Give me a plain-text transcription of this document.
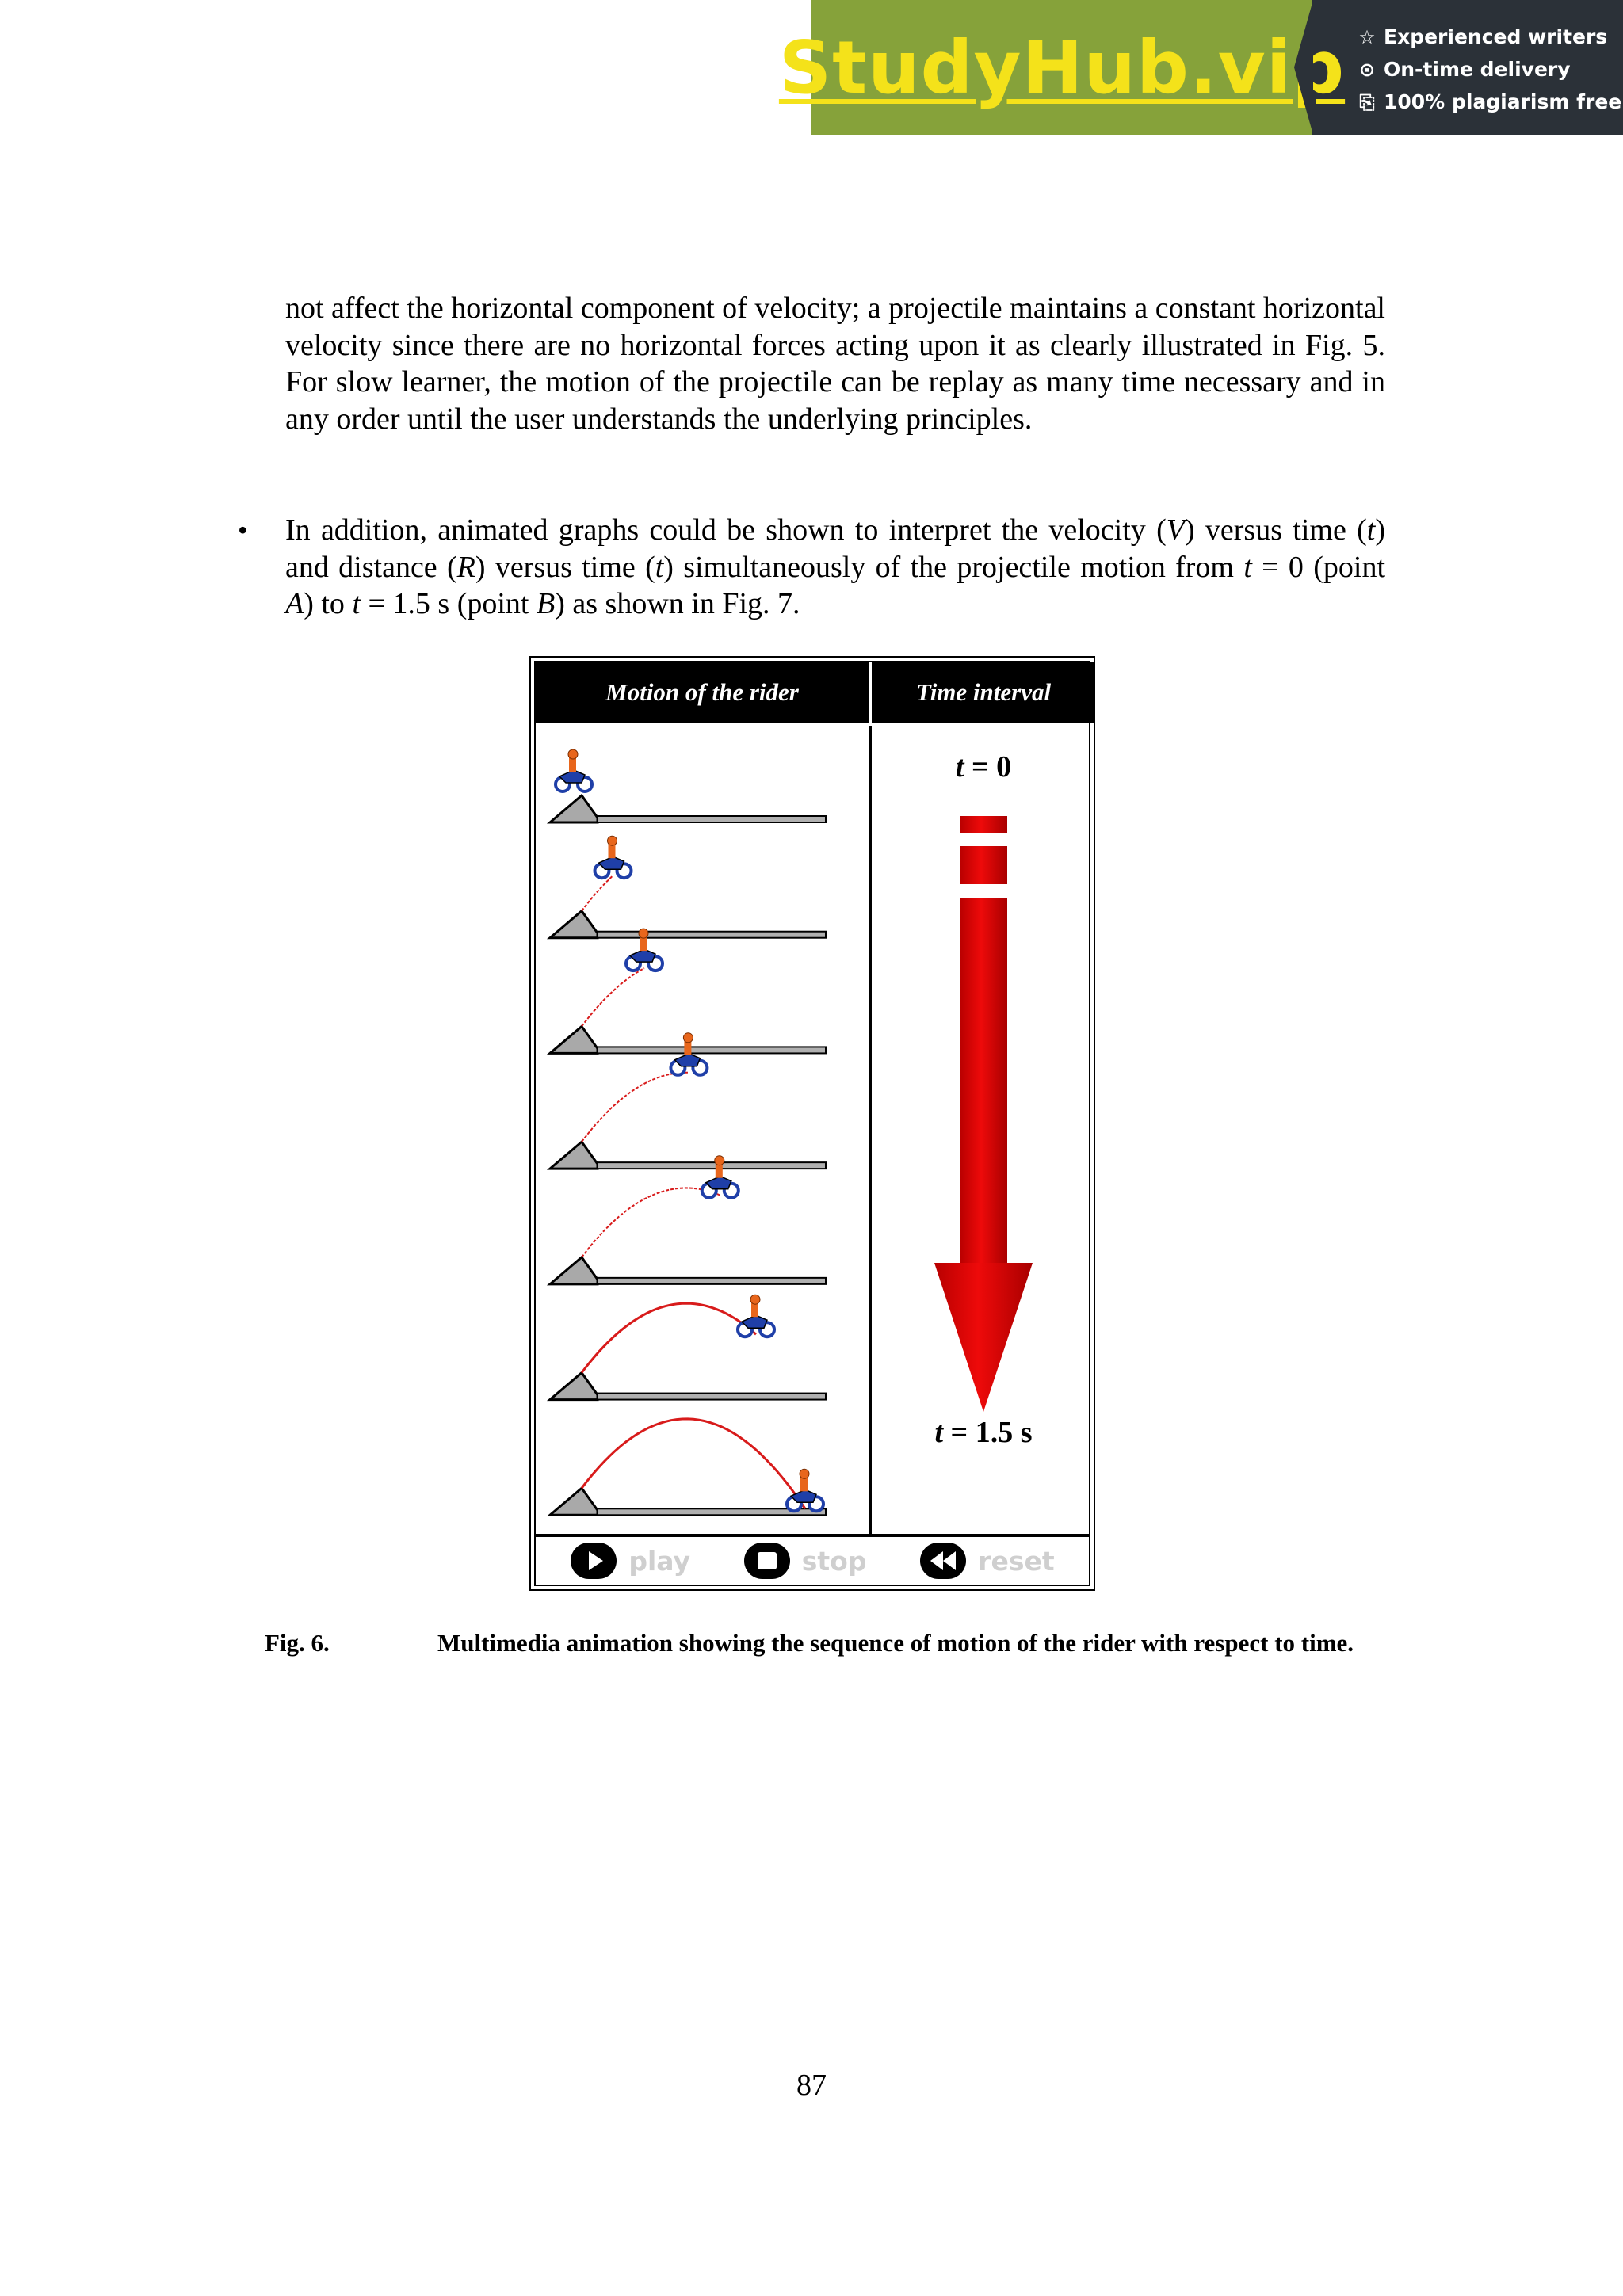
StudyHub.vip ☆ Experienced writers
⊙ On-time delivery
⎘ 100% plagiarism free
not affect the horizontal component of velocity; a projectile maintains a constant horizontal velocity since there are no horizontal forces acting upon it as clearly illustrated in Fig. 5. For slow learner, the motion of the projectile can be replay as many time necessary and in any order until the user understands the underlying principles.
• In addition, animated graphs could be shown to interpret the velocity (V) versus time (t) and distance (R) versus time (t) simultaneously of the projectile motion from t = 0 (point A) to t = 1.5 s (point B) as shown in Fig. 7.
Motion of the rider	Time interval
t = 0
t = 1.5 s
play	stop	reset
Fig. 6.	Multimedia animation showing the sequence of motion of the rider with respect to time.
87
